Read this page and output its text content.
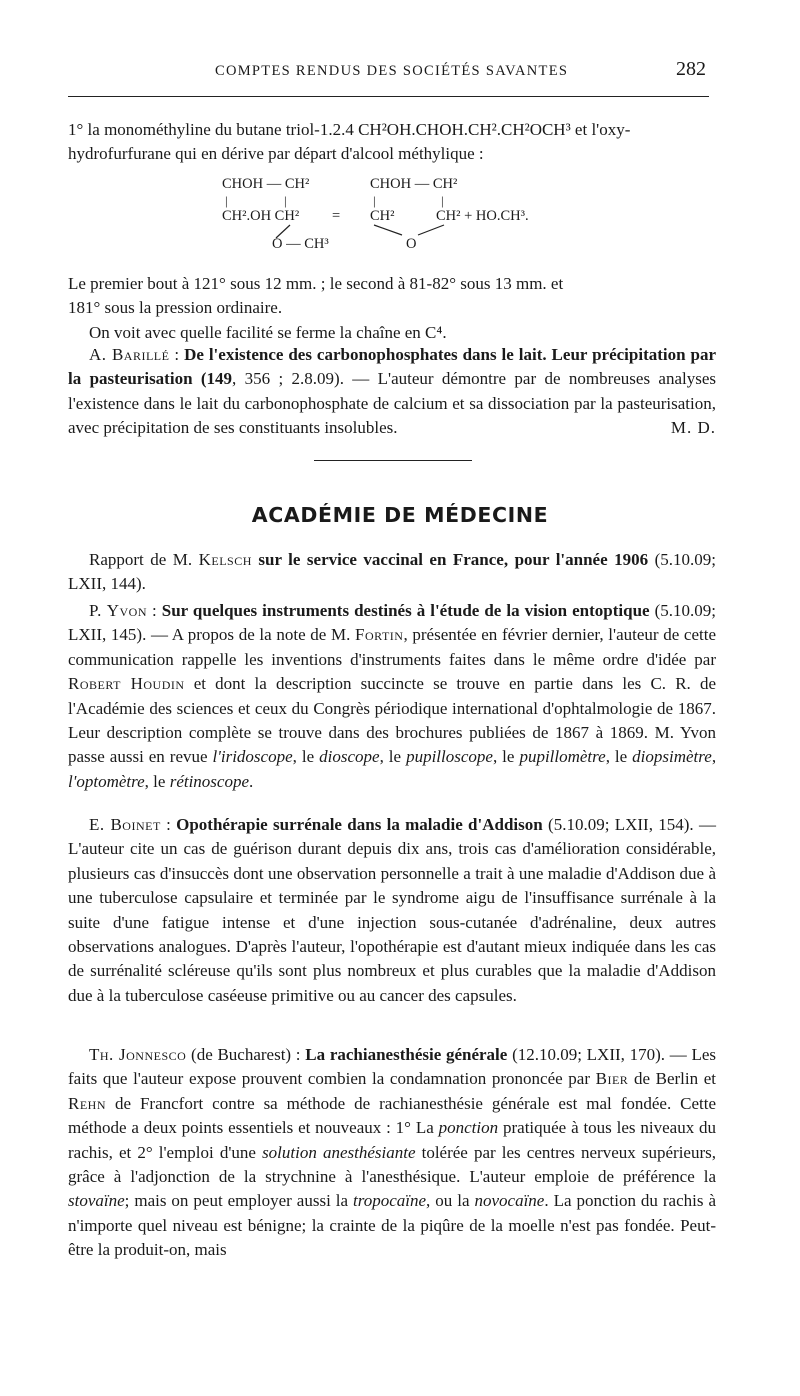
COMPTES RENDUS DES SOCIÉTÉS SAVANTES	282

1° la monométhyline du butane triol-1.2.4 CH²OH.CHOH.CH².CH²OCH³ et l'oxy-

hydrofurfurane qui en dérive par départ d'alcool méthylique :

CHOH — CH²
|	|
CH².OH CH² =
O — CH³
CHOH — CH²
|	|
CH²	CH² + HO.CH³.
O

Le premier bout à 121° sous 12 mm. ; le second à 81-82° sous 13 mm. et

181° sous la pression ordinaire.

On voit avec quelle facilité se ferme la chaîne en C⁴.

A. Barillé : De l'existence des carbonophosphates dans le lait. Leur précipitation par la pasteurisation (149, 356 ; 2.8.09). — L'auteur démontre par de nombreuses analyses l'existence dans le lait du carbonophosphate de calcium et sa dissociation par la pasteurisation, avec précipitation de ses constituants insolubles.	M. D.

ACADÉMIE DE MÉDECINE

Rapport de M. Kelsch sur le service vaccinal en France, pour l'année 1906 (5.10.09; LXII, 144).

P. Yvon : Sur quelques instruments destinés à l'étude de la vision entoptique (5.10.09; LXII, 145). — A propos de la note de M. Fortin, présentée en février dernier, l'auteur de cette communication rappelle les inventions d'instruments faites dans le même ordre d'idée par Robert Houdin et dont la description succincte se trouve en partie dans les C. R. de l'Académie des sciences et ceux du Congrès périodique international d'ophtalmologie de 1867. Leur description complète se trouve dans des brochures publiées de 1867 à 1869. M. Yvon passe aussi en revue l'iridoscope, le dioscope, le pupilloscope, le pupillomètre, le diopsimètre, l'optomètre, le rétinoscope.

E. Boinet : Opothérapie surrénale dans la maladie d'Addison (5.10.09; LXII, 154). — L'auteur cite un cas de guérison durant depuis dix ans, trois cas d'amélioration considérable, plusieurs cas d'insuccès dont une observation personnelle a trait à une maladie d'Addison due à une tuberculose capsulaire et terminée par le syndrome aigu de l'insuffisance surrénale à la suite d'une fatigue intense et d'une injection sous-cutanée d'adrénaline, deux autres observations analogues. D'après l'auteur, l'opothérapie est d'autant mieux indiquée dans les cas de surrénalité scléreuse qu'ils sont plus nombreux et plus curables que la maladie d'Addison due à la tuberculose caséeuse primitive ou au cancer des capsules.

Th. Jonnesco (de Bucharest) : La rachianesthésie générale (12.10.09; LXII, 170). — Les faits que l'auteur expose prouvent combien la condamnation prononcée par Bier de Berlin et Rehn de Francfort contre sa méthode de rachianesthésie générale est mal fondée. Cette méthode a deux points essentiels et nouveaux : 1° La ponction pratiquée à tous les niveaux du rachis, et 2° l'emploi d'une solution anesthésiante tolérée par les centres nerveux supérieurs, grâce à l'adjonction de la strychnine à l'anesthésique. L'auteur emploie de préférence la stovaïne; mais on peut employer aussi la tropocaïne, ou la novocaïne. La ponction du rachis à n'importe quel niveau est bénigne; la crainte de la piqûre de la moelle n'est pas fondée. Peut-être la produit-on, mais
